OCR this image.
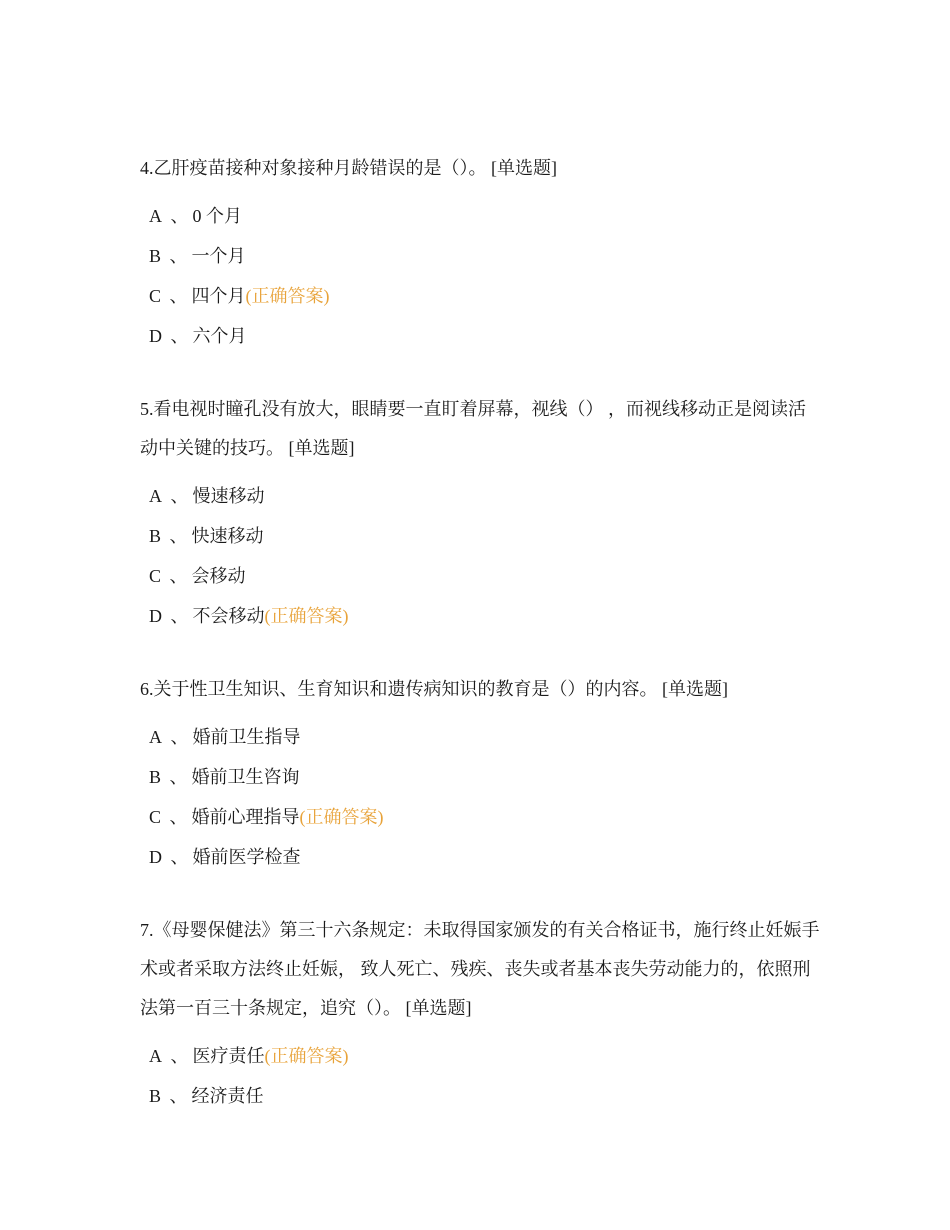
4.乙肝疫苗接种对象接种月龄错误的是（）。 [单选题]

A 、 0 个月
B 、 一个月
C 、 四个月(正确答案)
D 、 六个月

5.看电视时瞳孔没有放大，眼睛要一直盯着屏幕，视线（） ，而视线移动正是阅读活动中关键的技巧。 [单选题]

A 、 慢速移动
B 、 快速移动
C 、 会移动
D 、 不会移动(正确答案)

6.关于性卫生知识、生育知识和遗传病知识的教育是（）的内容。 [单选题]

A 、 婚前卫生指导
B 、 婚前卫生咨询
C 、 婚前心理指导(正确答案)
D 、 婚前医学检查

7.《母婴保健法》第三十六条规定：未取得国家颁发的有关合格证书，施行终止妊娠手术或者采取方法终止妊娠， 致人死亡、残疾、丧失或者基本丧失劳动能力的，依照刑法第一百三十条规定，追究（）。 [单选题]

A 、 医疗责任(正确答案)
B 、 经济责任
